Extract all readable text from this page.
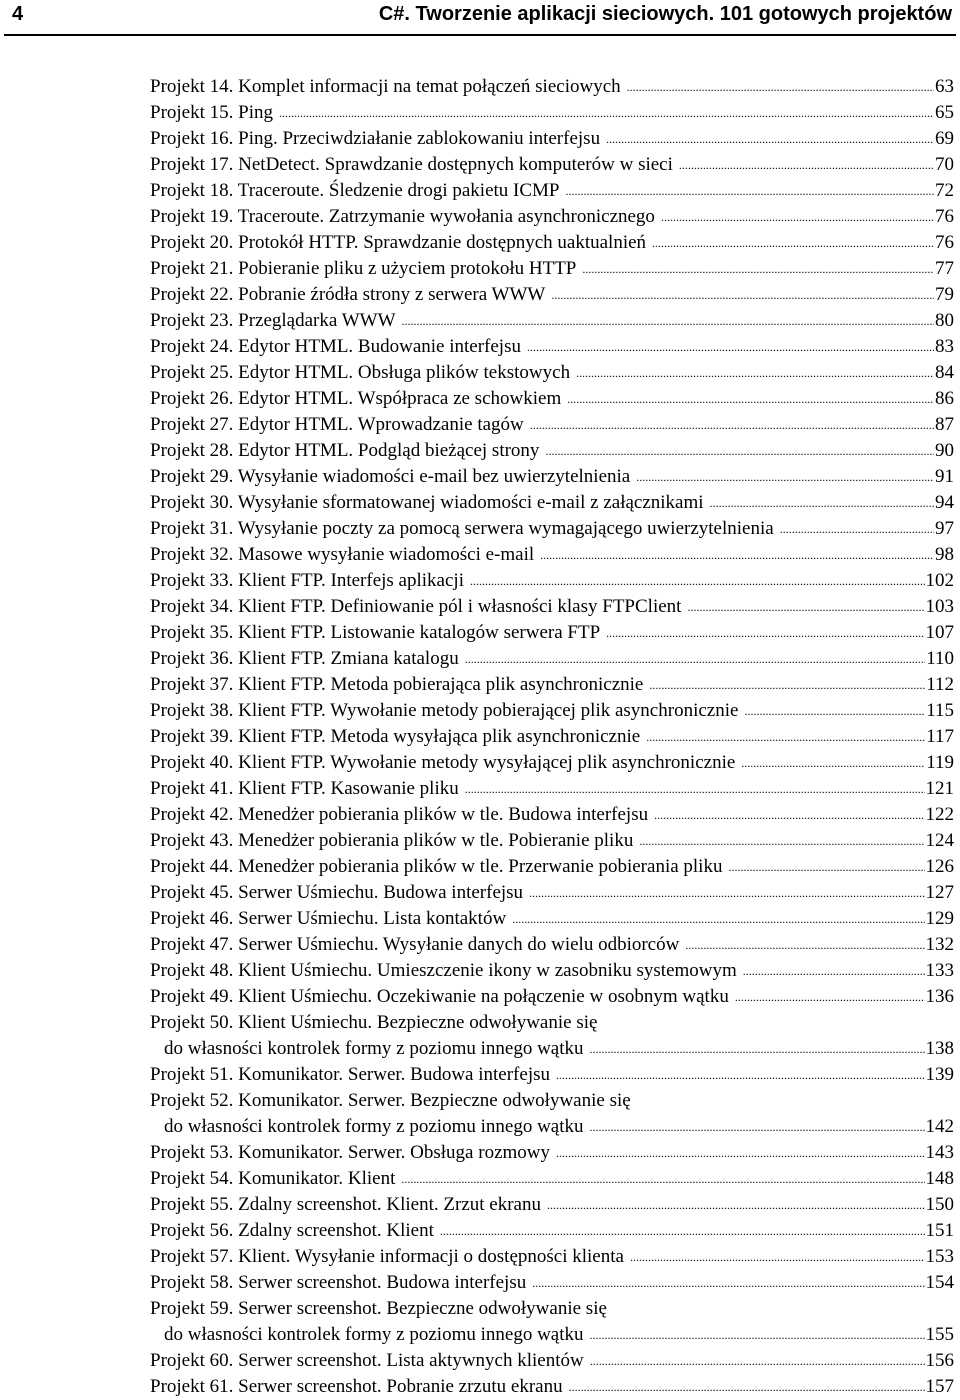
4	C#. Tworzenie aplikacji sieciowych. 101 gotowych projektów
Projekt 14. Komplet informacji na temat połączeń sieciowych .....	63
Projekt 15. Ping .....	65
Projekt 16. Ping. Przeciwdziałanie zablokowaniu interfejsu .....	69
Projekt 17. NetDetect. Sprawdzanie dostępnych komputerów w sieci .....	70
Projekt 18. Traceroute. Śledzenie drogi pakietu ICMP .....	72
Projekt 19. Traceroute. Zatrzymanie wywołania asynchronicznego .....	76
Projekt 20. Protokół HTTP. Sprawdzanie dostępnych uaktualnień .....	76
Projekt 21. Pobieranie pliku z użyciem protokołu HTTP .....	77
Projekt 22. Pobranie źródła strony z serwera WWW .....	79
Projekt 23. Przeglądarka WWW .....	80
Projekt 24. Edytor HTML. Budowanie interfejsu .....	83
Projekt 25. Edytor HTML. Obsługa plików tekstowych .....	84
Projekt 26. Edytor HTML. Współpraca ze schowkiem .....	86
Projekt 27. Edytor HTML. Wprowadzanie tagów .....	87
Projekt 28. Edytor HTML. Podgląd bieżącej strony .....	90
Projekt 29. Wysyłanie wiadomości e-mail bez uwierzytelnienia .....	91
Projekt 30. Wysyłanie sformatowanej wiadomości e-mail z załącznikami .....	94
Projekt 31. Wysyłanie poczty za pomocą serwera wymagającego uwierzytelnienia .....	97
Projekt 32. Masowe wysyłanie wiadomości e-mail .....	98
Projekt 33. Klient FTP. Interfejs aplikacji .....	102
Projekt 34. Klient FTP. Definiowanie pól i własności klasy FTPClient .....	103
Projekt 35. Klient FTP. Listowanie katalogów serwera FTP .....	107
Projekt 36. Klient FTP. Zmiana katalogu .....	110
Projekt 37. Klient FTP. Metoda pobierająca plik asynchronicznie .....	112
Projekt 38. Klient FTP. Wywołanie metody pobierającej plik asynchronicznie .....	115
Projekt 39. Klient FTP. Metoda wysyłająca plik asynchronicznie .....	117
Projekt 40. Klient FTP. Wywołanie metody wysyłającej plik asynchronicznie .....	119
Projekt 41. Klient FTP. Kasowanie pliku .....	121
Projekt 42. Menedżer pobierania plików w tle. Budowa interfejsu .....	122
Projekt 43. Menedżer pobierania plików w tle. Pobieranie pliku .....	124
Projekt 44. Menedżer pobierania plików w tle. Przerwanie pobierania pliku .....	126
Projekt 45. Serwer Uśmiechu. Budowa interfejsu .....	127
Projekt 46. Serwer Uśmiechu. Lista kontaktów .....	129
Projekt 47. Serwer Uśmiechu. Wysyłanie danych do wielu odbiorców .....	132
Projekt 48. Klient Uśmiechu. Umieszczenie ikony w zasobniku systemowym .....	133
Projekt 49. Klient Uśmiechu. Oczekiwanie na połączenie w osobnym wątku .....	136
Projekt 50. Klient Uśmiechu. Bezpieczne odwoływanie się
do własności kontrolek formy z poziomu innego wątku .....	138
Projekt 51. Komunikator. Serwer. Budowa interfejsu .....	139
Projekt 52. Komunikator. Serwer. Bezpieczne odwoływanie się
do własności kontrolek formy z poziomu innego wątku .....	142
Projekt 53. Komunikator. Serwer. Obsługa rozmowy .....	143
Projekt 54. Komunikator. Klient .....	148
Projekt 55. Zdalny screenshot. Klient. Zrzut ekranu .....	150
Projekt 56. Zdalny screenshot. Klient .....	151
Projekt 57. Klient. Wysyłanie informacji o dostępności klienta .....	153
Projekt 58. Serwer screenshot. Budowa interfejsu .....	154
Projekt 59. Serwer screenshot. Bezpieczne odwoływanie się
do własności kontrolek formy z poziomu innego wątku .....	155
Projekt 60. Serwer screenshot. Lista aktywnych klientów .....	156
Projekt 61. Serwer screenshot. Pobranie zrzutu ekranu .....	157
